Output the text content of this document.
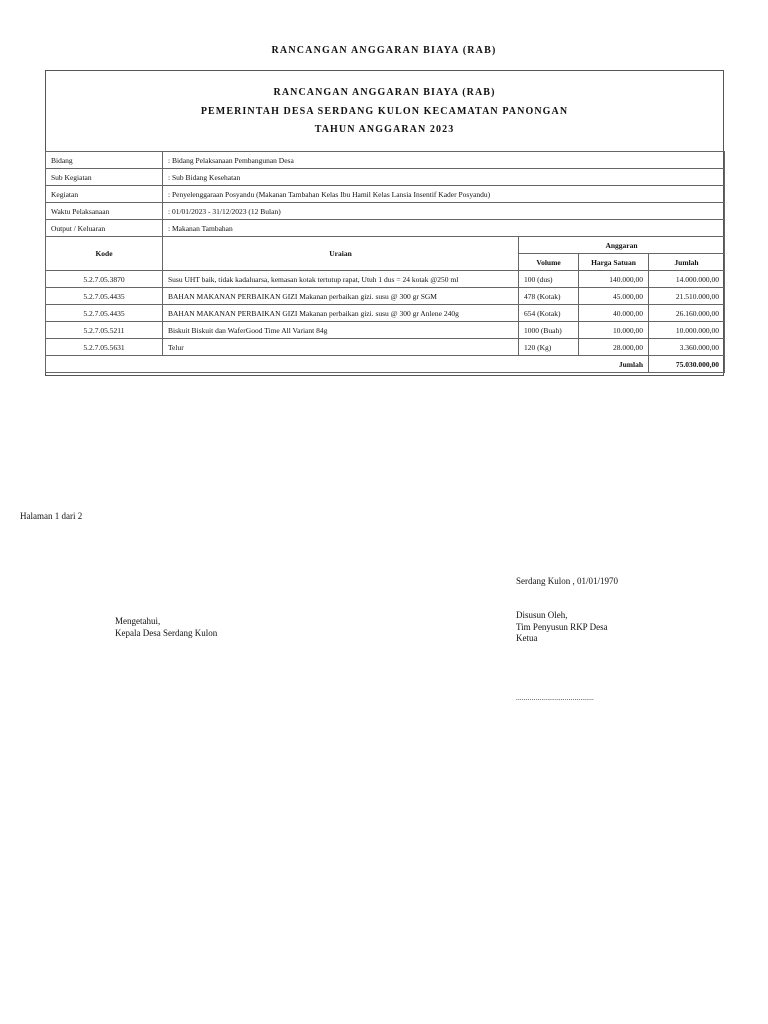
RANCANGAN ANGGARAN BIAYA (RAB)
RANCANGAN ANGGARAN BIAYA (RAB)
PEMERINTAH DESA SERDANG KULON KECAMATAN PANONGAN
TAHUN ANGGARAN 2023
Bidang	: Bidang Pelaksanaan Pembangunan Desa			
Sub Kegiatan	: Sub Bidang Kesehatan			
Kegiatan	: Penyelenggaraan Posyandu (Makanan Tambahan Kelas Ibu Hamil Kelas Lansia Insentif Kader Posyandu)			
Waktu Pelaksanaan	: 01/01/2023 - 31/12/2023 (12 Bulan)			
Output / Keluaran	: Makanan Tambahan			
Kode	Uraian	Anggaran		
		Volume	Harga Satuan	Jumlah
5.2.7.05.3870	Susu UHT baik, tidak kadaluarsa, kemasan kotak tertutup rapat, Utuh 1 dus = 24 kotak @250 ml	100 (dus)	140.000,00	14.000.000,00
5.2.7.05.4435	BAHAN MAKANAN PERBAIKAN GIZI Makanan perbaikan gizi. susu @ 300 gr SGM	478 (Kotak)	45.000,00	21.510.000,00
5.2.7.05.4435	BAHAN MAKANAN PERBAIKAN GIZI Makanan perbaikan gizi. susu @ 300 gr Anlene 240g	654 (Kotak)	40.000,00	26.160.000,00
5.2.7.05.5211	Biskuit Biskuit dan WaferGood Time All Variant 84g	1000 (Buah)	10.000,00	10.000.000,00
5.2.7.05.5631	Telur	120 (Kg)	28.000,00	3.360.000,00
Jumlah				75.030.000,00
Halaman 1 dari 2
Serdang Kulon , 01/01/1970
Mengetahui,
Kepala Desa Serdang Kulon
Disusun Oleh,
Tim Penyusun RKP Desa
Ketua
........................................
